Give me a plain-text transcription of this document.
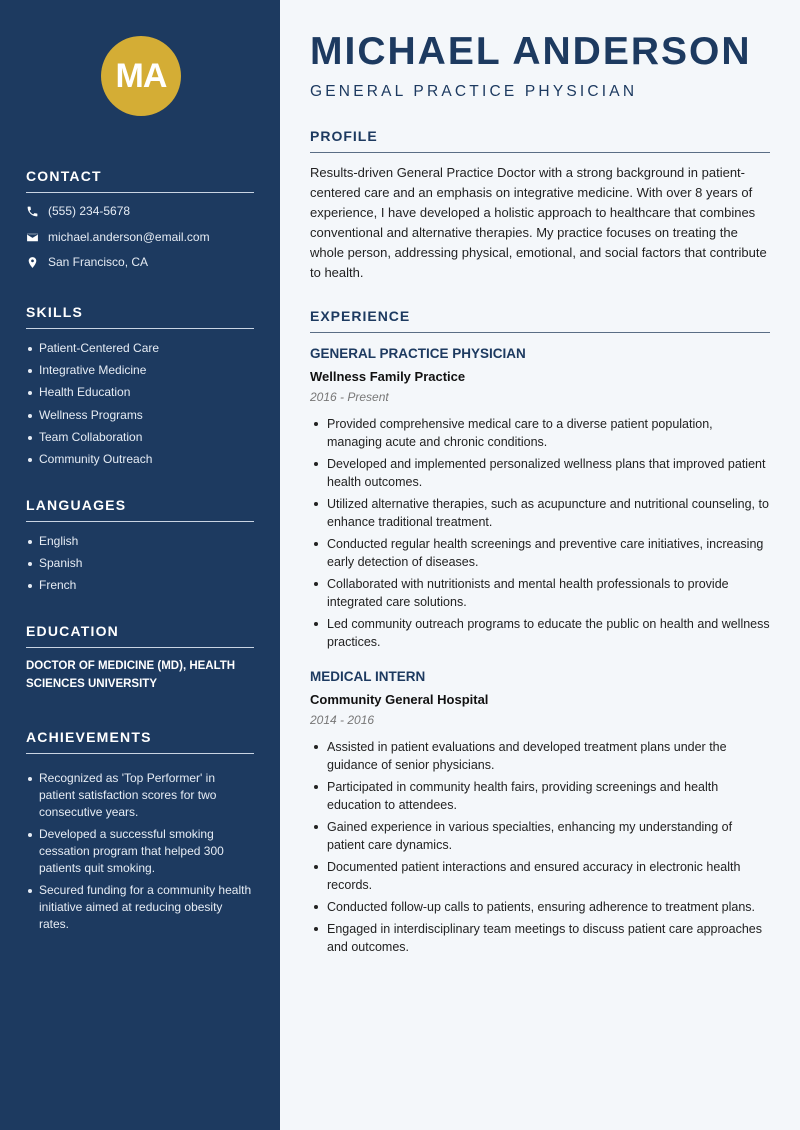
MA
CONTACT
(555) 234-5678
michael.anderson@email.com
San Francisco, CA
SKILLS
Patient-Centered Care
Integrative Medicine
Health Education
Wellness Programs
Team Collaboration
Community Outreach
LANGUAGES
English
Spanish
French
EDUCATION
DOCTOR OF MEDICINE (MD), HEALTH SCIENCES UNIVERSITY
ACHIEVEMENTS
Recognized as 'Top Performer' in patient satisfaction scores for two consecutive years.
Developed a successful smoking cessation program that helped 300 patients quit smoking.
Secured funding for a community health initiative aimed at reducing obesity rates.
MICHAEL ANDERSON
GENERAL PRACTICE PHYSICIAN
PROFILE
Results-driven General Practice Doctor with a strong background in patient-centered care and an emphasis on integrative medicine. With over 8 years of experience, I have developed a holistic approach to healthcare that combines conventional and alternative therapies. My practice focuses on treating the whole person, addressing physical, emotional, and social factors that contribute to health.
EXPERIENCE
GENERAL PRACTICE PHYSICIAN
Wellness Family Practice
2016 - Present
Provided comprehensive medical care to a diverse patient population, managing acute and chronic conditions.
Developed and implemented personalized wellness plans that improved patient health outcomes.
Utilized alternative therapies, such as acupuncture and nutritional counseling, to enhance traditional treatment.
Conducted regular health screenings and preventive care initiatives, increasing early detection of diseases.
Collaborated with nutritionists and mental health professionals to provide integrated care solutions.
Led community outreach programs to educate the public on health and wellness practices.
MEDICAL INTERN
Community General Hospital
2014 - 2016
Assisted in patient evaluations and developed treatment plans under the guidance of senior physicians.
Participated in community health fairs, providing screenings and health education to attendees.
Gained experience in various specialties, enhancing my understanding of patient care dynamics.
Documented patient interactions and ensured accuracy in electronic health records.
Conducted follow-up calls to patients, ensuring adherence to treatment plans.
Engaged in interdisciplinary team meetings to discuss patient care approaches and outcomes.
